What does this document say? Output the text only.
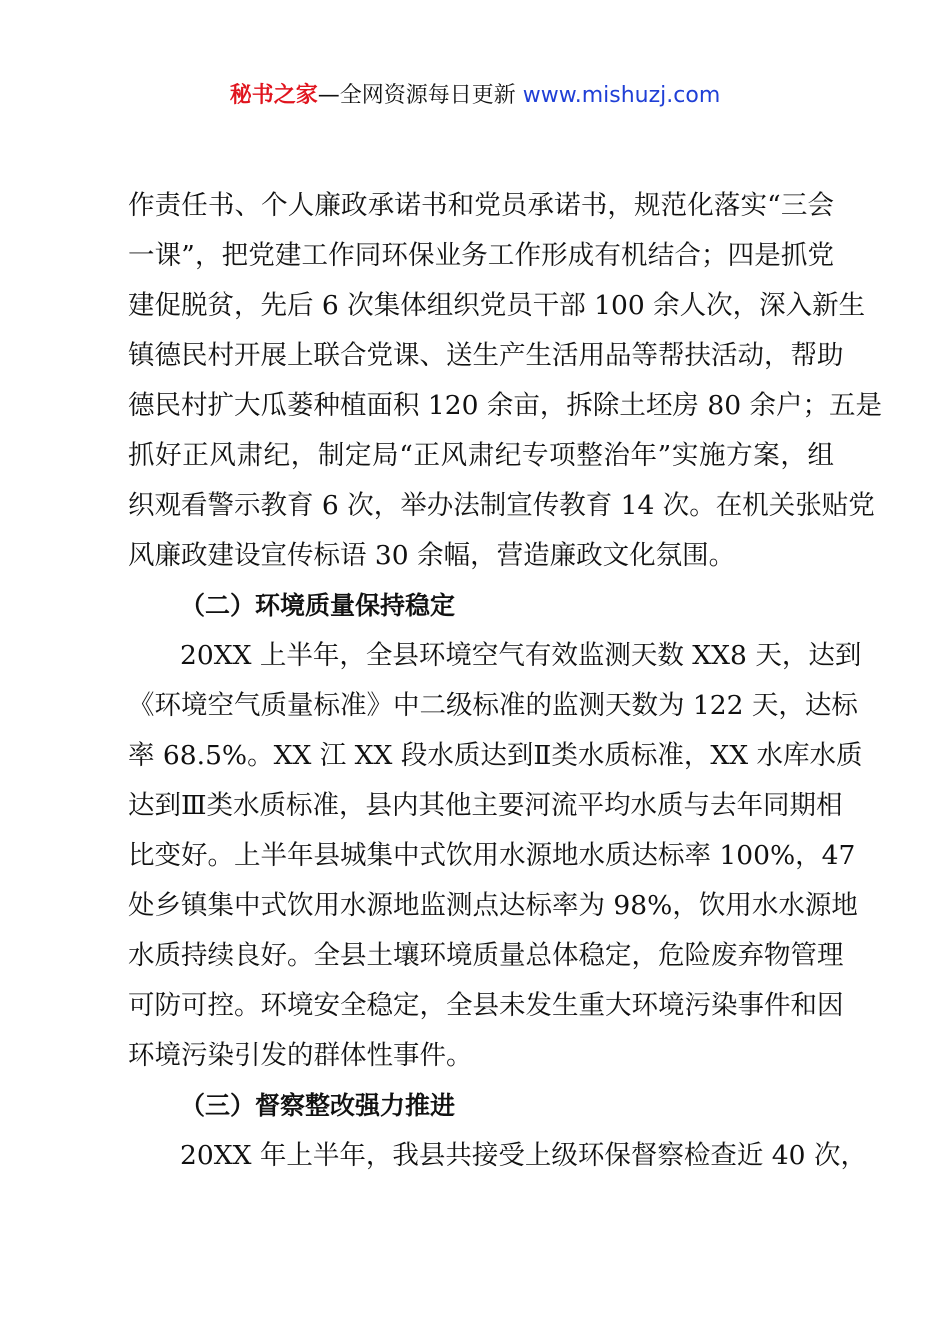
秘书之家—全网资源每日更新 www.mishuzj.com
作责任书、个人廉政承诺书和党员承诺书，规范化落实“三会
一课”，把党建工作同环保业务工作形成有机结合；四是抓党
建促脱贫，先后 6 次集体组织党员干部 100 余人次，深入新生
镇德民村开展上联合党课、送生产生活用品等帮扶活动，帮助
德民村扩大瓜蒌种植面积 120 余亩，拆除土坯房 80 余户；五是
抓好正风肃纪，制定局“正风肃纪专项整治年”实施方案，组
织观看警示教育 6 次，举办法制宣传教育 14 次。在机关张贴党
风廉政建设宣传标语 30 余幅，营造廉政文化氛围。
（二）环境质量保持稳定
20XX 上半年，全县环境空气有效监测天数 XX8 天，达到
《环境空气质量标准》中二级标准的监测天数为 122 天，达标
率 68.5%。XX 江 XX 段水质达到Ⅱ类水质标准，XX 水库水质
达到Ⅲ类水质标准，县内其他主要河流平均水质与去年同期相
比变好。上半年县城集中式饮用水源地水质达标率 100%，47
处乡镇集中式饮用水源地监测点达标率为 98%，饮用水水源地
水质持续良好。全县土壤环境质量总体稳定，危险废弃物管理
可防可控。环境安全稳定，全县未发生重大环境污染事件和因
环境污染引发的群体性事件。
（三）督察整改强力推进
20XX 年上半年，我县共接受上级环保督察检查近 40 次，
